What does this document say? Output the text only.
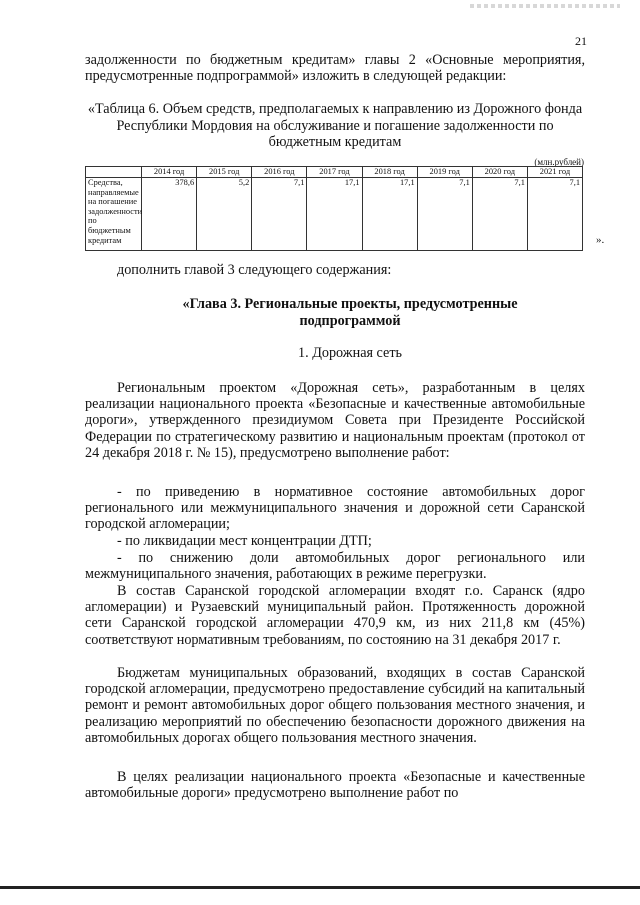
21
задолженности по бюджетным кредитам» главы 2 «Основные мероприятия, предусмотренные подпрограммой» изложить в следующей редакции:
«Таблица 6. Объем средств, предполагаемых к направлению из Дорожного фонда Республики Мордовия на обслуживание и погашение задолженности по бюджетным кредитам
(млн.рублей)
	2014 год	2015 год	2016 год	2017 год	2018 год	2019 год	2020 год	2021 год
Средства, направляемые на погашение задолженности по бюджетным кредитам	378,6	5,2	7,1	17,1	17,1	7,1	7,1	7,1
».
дополнить главой 3 следующего содержания:
«Глава 3. Региональные проекты, предусмотренные
подпрограммой
1. Дорожная сеть
Региональным проектом «Дорожная сеть», разработанным в целях реализации национального проекта «Безопасные и качественные автомобильные дороги», утвержденного президиумом Совета при Президенте Российской Федерации по стратегическому развитию и национальным проектам (протокол от 24 декабря 2018 г. № 15), предусмотрено выполнение работ:
- по приведению в нормативное состояние автомобильных дорог регионального или межмуниципального значения и дорожной сети Саранской городской агломерации;
- по ликвидации мест концентрации ДТП;
- по снижению доли автомобильных дорог регионального или межмуниципального значения, работающих в режиме перегрузки.
В состав Саранской городской агломерации входят г.о. Саранск (ядро агломерации) и Рузаевский муниципальный район. Протяженность дорожной сети Саранской городской агломерации 470,9 км, из них 211,8 км (45%) соответствуют нормативным требованиям, по состоянию на 31 декабря 2017 г.
Бюджетам муниципальных образований, входящих в состав Саранской городской агломерации, предусмотрено предоставление субсидий на капитальный ремонт и ремонт автомобильных дорог общего пользования местного значения, и реализацию мероприятий по обеспечению безопасности дорожного движения на автомобильных дорогах общего пользования местного значения.
В целях реализации национального проекта «Безопасные и качественные автомобильные дороги» предусмотрено выполнение работ по
